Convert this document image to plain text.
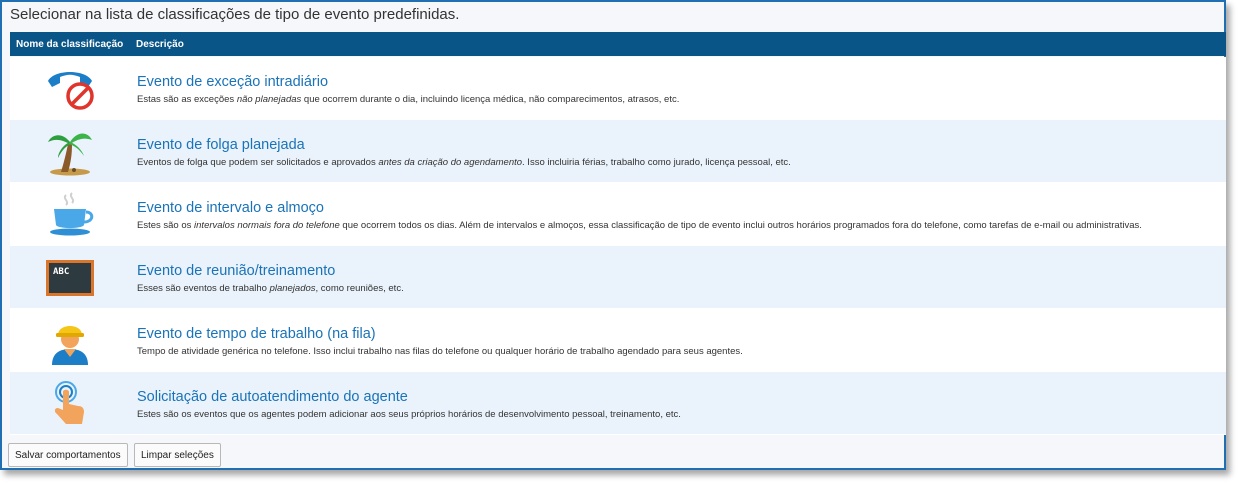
Selecionar na lista de classificações de tipo de evento predefinidas.
Nome da classificação Descrição
Evento de exceção intradiário
Estas são as exceções não planejadas que ocorrem durante o dia, incluindo licença médica, não comparecimentos, atrasos, etc.
Evento de folga planejada
Eventos de folga que podem ser solicitados e aprovados antes da criação do agendamento. Isso incluiria férias, trabalho como jurado, licença pessoal, etc.
Evento de intervalo e almoço
Estes são os intervalos normais fora do telefone que ocorrem todos os dias. Além de intervalos e almoços, essa classificação de tipo de evento inclui outros horários programados fora do telefone, como tarefas de e-mail ou administrativas.
ABC	Evento de reunião/treinamento
Esses são eventos de trabalho planejados, como reuniões, etc.
Evento de tempo de trabalho (na fila)
Tempo de atividade genérica no telefone. Isso inclui trabalho nas filas do telefone ou qualquer horário de trabalho agendado para seus agentes.
Solicitação de autoatendimento do agente
Estes são os eventos que os agentes podem adicionar aos seus próprios horários de desenvolvimento pessoal, treinamento, etc.
Salvar comportamentos	Limpar seleções
